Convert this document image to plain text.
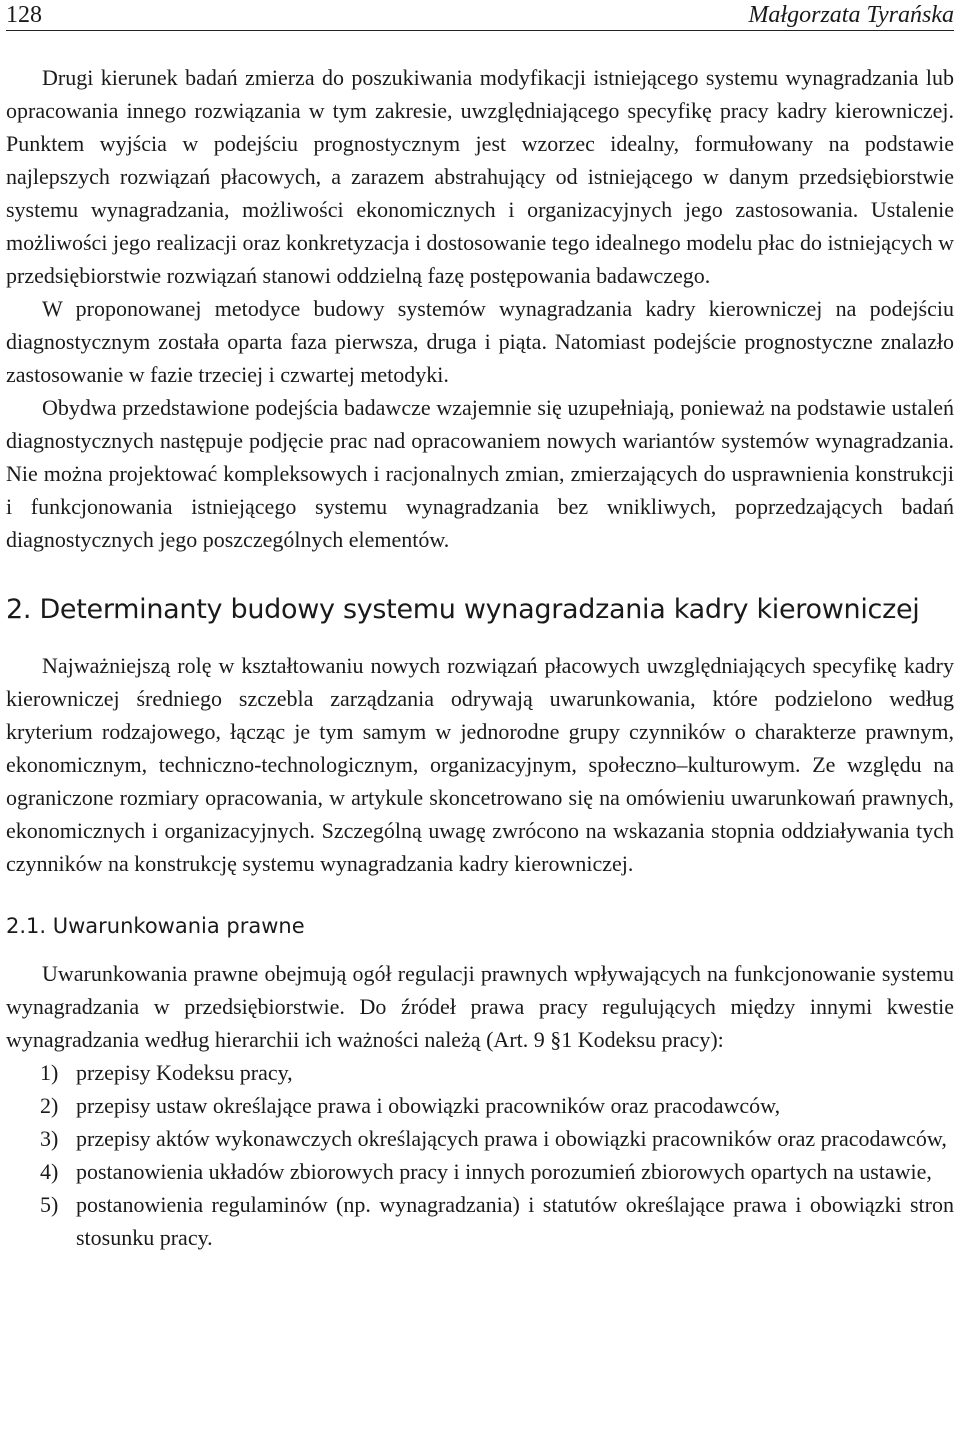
128	Małgorzata Tyrańska

Drugi kierunek badań zmierza do poszukiwania modyfikacji istniejącego systemu wynagradzania lub opracowania innego rozwiązania w tym zakresie, uwzględniającego specyfikę pracy kadry kierowniczej. Punktem wyjścia w podejściu prognostycznym jest wzorzec idealny, formułowany na podstawie najlepszych rozwiązań płacowych, a zarazem abstrahujący od istniejącego w danym przedsiębiorstwie systemu wynagradzania, możliwości ekonomicznych i organizacyjnych jego zastosowania. Ustalenie możliwości jego realizacji oraz konkretyzacja i dostosowanie tego idealnego modelu płac do istniejących w przedsiębiorstwie rozwiązań stanowi oddzielną fazę postępowania badawczego.

W proponowanej metodyce budowy systemów wynagradzania kadry kierowniczej na podejściu diagnostycznym została oparta faza pierwsza, druga i piąta. Natomiast podejście prognostyczne znalazło zastosowanie w fazie trzeciej i czwartej metodyki.

Obydwa przedstawione podejścia badawcze wzajemnie się uzupełniają, ponieważ na podstawie ustaleń diagnostycznych następuje podjęcie prac nad opracowaniem nowych wariantów systemów wynagradzania. Nie można projektować kompleksowych i racjonalnych zmian, zmierzających do usprawnienia konstrukcji i funkcjonowania istniejącego systemu wynagradzania bez wnikliwych, poprzedzających badań diagnostycznych jego poszczególnych elementów.

2. Determinanty budowy systemu wynagradzania kadry kierowniczej

Najważniejszą rolę w kształtowaniu nowych rozwiązań płacowych uwzględniających specyfikę kadry kierowniczej średniego szczebla zarządzania odrywają uwarunkowania, które podzielono według kryterium rodzajowego, łącząc je tym samym w jednorodne grupy czynników o charakterze prawnym, ekonomicznym, techniczno-technologicznym, organizacyjnym, społeczno–kulturowym. Ze względu na ograniczone rozmiary opracowania, w artykule skoncetrowano się na omówieniu uwarunkowań prawnych, ekonomicznych i organizacyjnych. Szczególną uwagę zwrócono na wskazania stopnia oddziaływania tych czynników na konstrukcję systemu wynagradzania kadry kierowniczej.

2.1. Uwarunkowania prawne

Uwarunkowania prawne obejmują ogół regulacji prawnych wpływających na funkcjonowanie systemu wynagradzania w przedsiębiorstwie. Do źródeł prawa pracy regulujących między innymi kwestie wynagradzania według hierarchii ich ważności należą (Art. 9 §1 Kodeksu pracy):

1) przepisy Kodeksu pracy,
2) przepisy ustaw określające prawa i obowiązki pracowników oraz pracodawców,
3) przepisy aktów wykonawczych określających prawa i obowiązki pracowników oraz pracodawców,
4) postanowienia układów zbiorowych pracy i innych porozumień zbiorowych opartych na ustawie,
5) postanowienia regulaminów (np. wynagradzania) i statutów określające prawa i obowiązki stron stosunku pracy.
